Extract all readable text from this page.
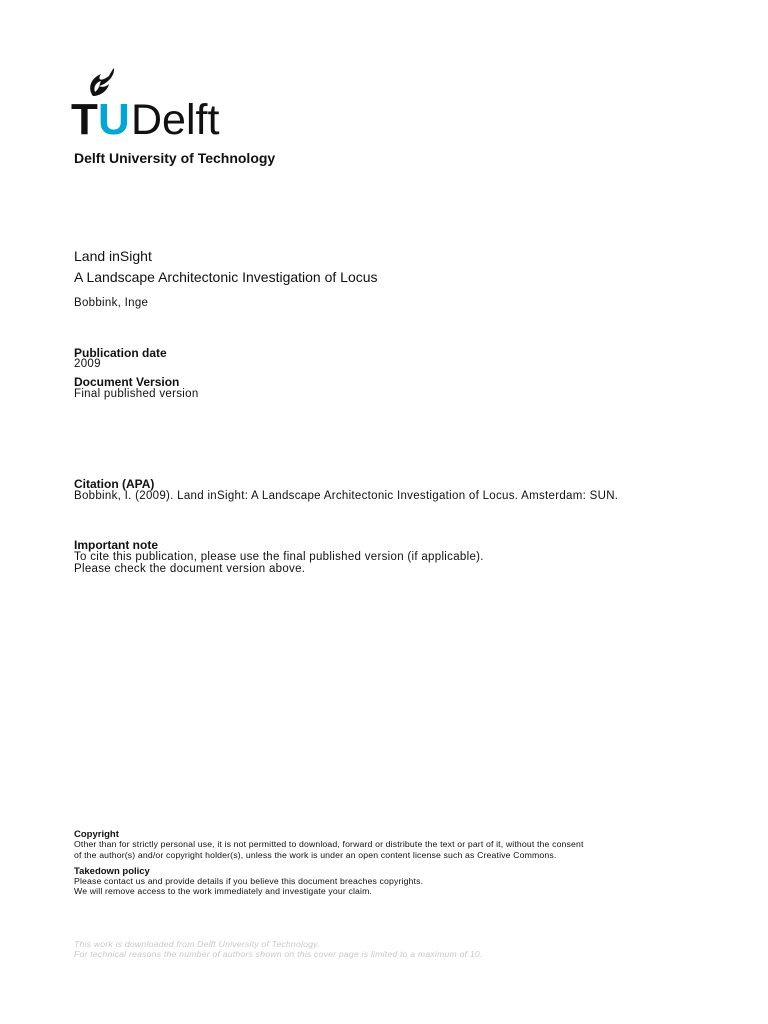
T U Delft
Delft University of Technology
Land inSight
A Landscape Architectonic Investigation of Locus
Bobbink, Inge
Publication date
2009
Document Version
Final published version
Citation (APA)
Bobbink, I. (2009). Land inSight: A Landscape Architectonic Investigation of Locus. Amsterdam: SUN.
Important note
To cite this publication, please use the final published version (if applicable).
Please check the document version above.
Copyright
Other than for strictly personal use, it is not permitted to download, forward or distribute the text or part of it, without the consent
of the author(s) and/or copyright holder(s), unless the work is under an open content license such as Creative Commons.
Takedown policy
Please contact us and provide details if you believe this document breaches copyrights.
We will remove access to the work immediately and investigate your claim.
This work is downloaded from Delft University of Technology.
For technical reasons the number of authors shown on this cover page is limited to a maximum of 10.
